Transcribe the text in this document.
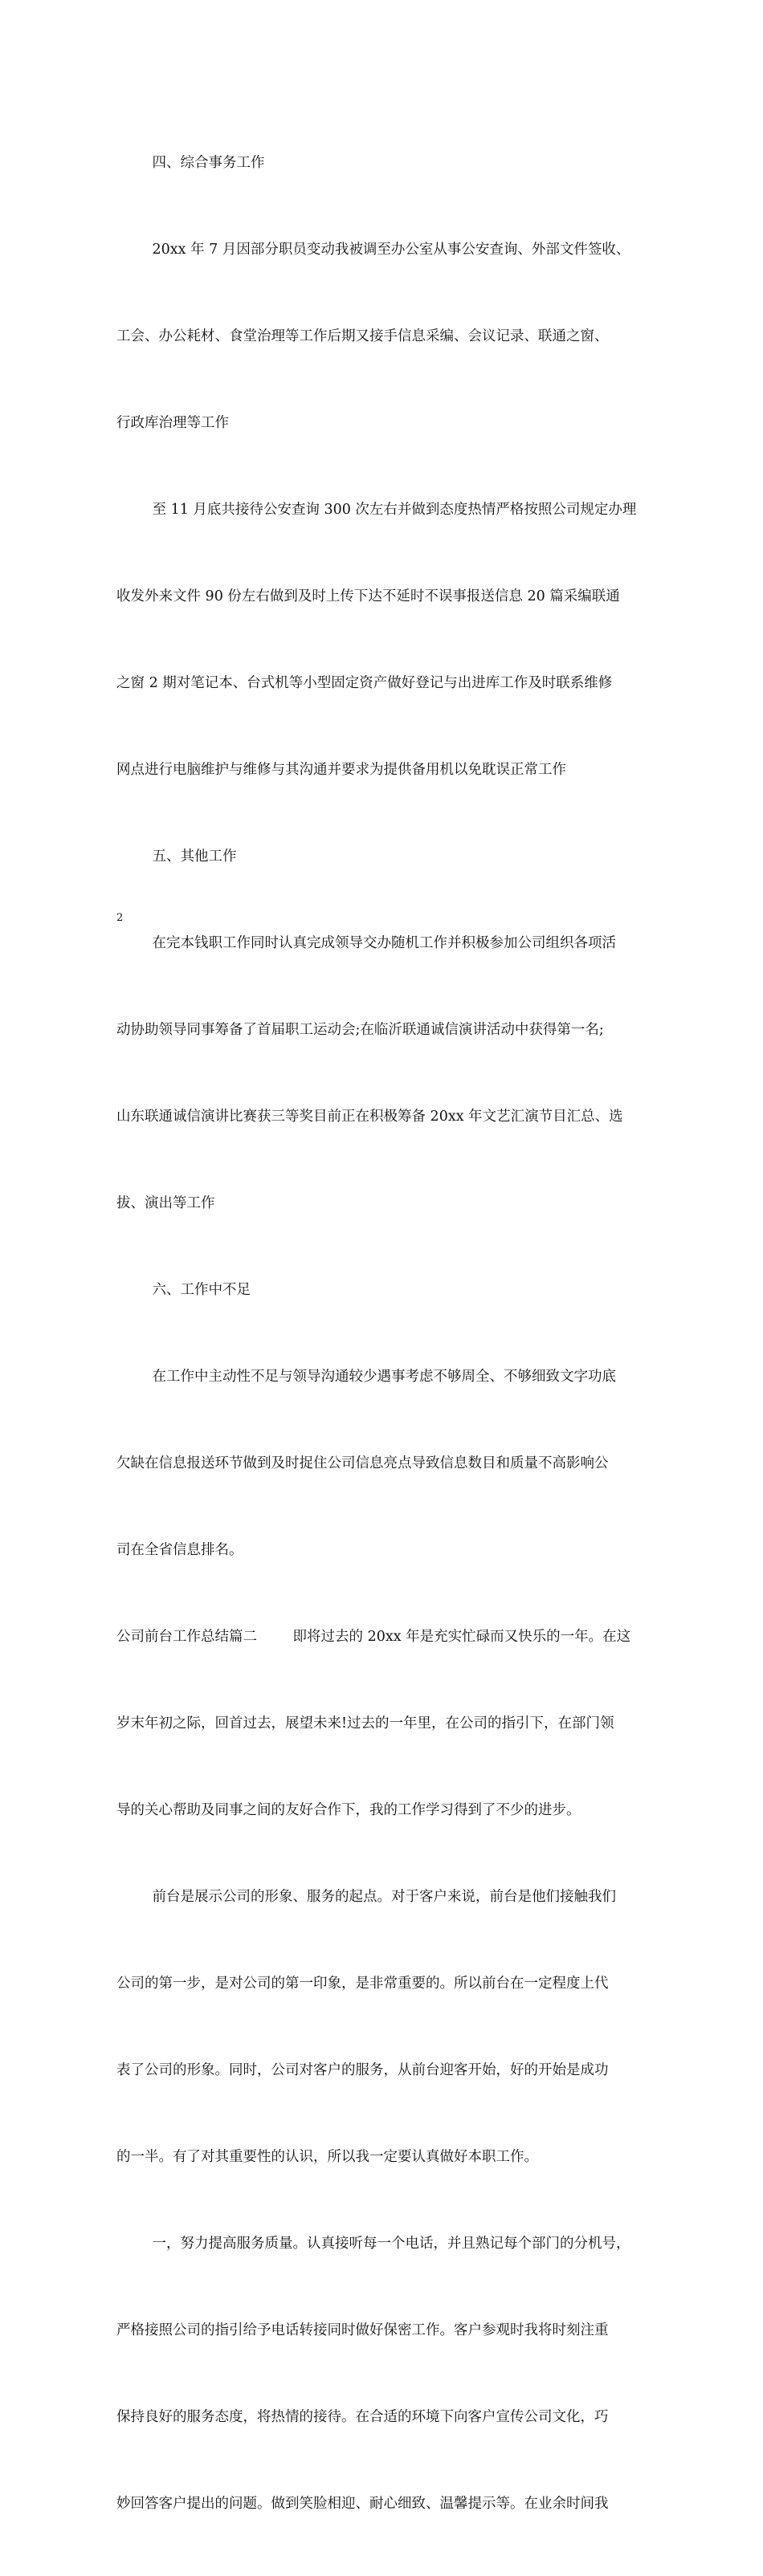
四、综合事务工作

20xx 年 7 月因部分职员变动我被调至办公室从事公安查询、外部文件签收、

工会、办公耗材、食堂治理等工作后期又接手信息采编、会议记录、联通之窗、

行政库治理等工作

至 11 月底共接待公安查询 300 次左右并做到态度热情严格按照公司规定办理

收发外来文件 90 份左右做到及时上传下达不延时不误事报送信息 20 篇采编联通

之窗 2 期对笔记本、台式机等小型固定资产做好登记与出进库工作及时联系维修

网点进行电脑维护与维修与其沟通并要求为提供备用机以免耽误正常工作

五、其他工作

在完本钱职工作同时认真完成领导交办随机工作并积极参加公司组织各项活

动协助领导同事筹备了首届职工运动会;在临沂联通诚信演讲活动中获得第一名;

山东联通诚信演讲比赛获三等奖目前正在积极筹备 20xx 年文艺汇演节目汇总、选

拔、演出等工作

六、工作中不足

在工作中主动性不足与领导沟通较少遇事考虑不够周全、不够细致文字功底

欠缺在信息报送环节做到及时捉住公司信息亮点导致信息数目和质量不高影响公

司在全省信息排名。

公司前台工作总结篇二        即将过去的 20xx 年是充实忙碌而又快乐的一年。在这

岁末年初之际，回首过去，展望未来!过去的一年里，在公司的指引下，在部门领

导的关心帮助及同事之间的友好合作下，我的工作学习得到了不少的进步。

前台是展示公司的形象、服务的起点。对于客户来说，前台是他们接触我们

公司的第一步，是对公司的第一印象，是非常重要的。所以前台在一定程度上代

表了公司的形象。同时，公司对客户的服务，从前台迎客开始，好的开始是成功

的一半。有了对其重要性的认识，所以我一定要认真做好本职工作。

一，努力提高服务质量。认真接听每一个电话，并且熟记每个部门的分机号，

严格接照公司的指引给予电话转接同时做好保密工作。客户参观时我将时刻注重

保持良好的服务态度，将热情的接待。在合适的环境下向客户宣传公司文化，巧

妙回答客户提出的问题。做到笑脸相迎、耐心细致、温馨提示等。在业余时间我

2
